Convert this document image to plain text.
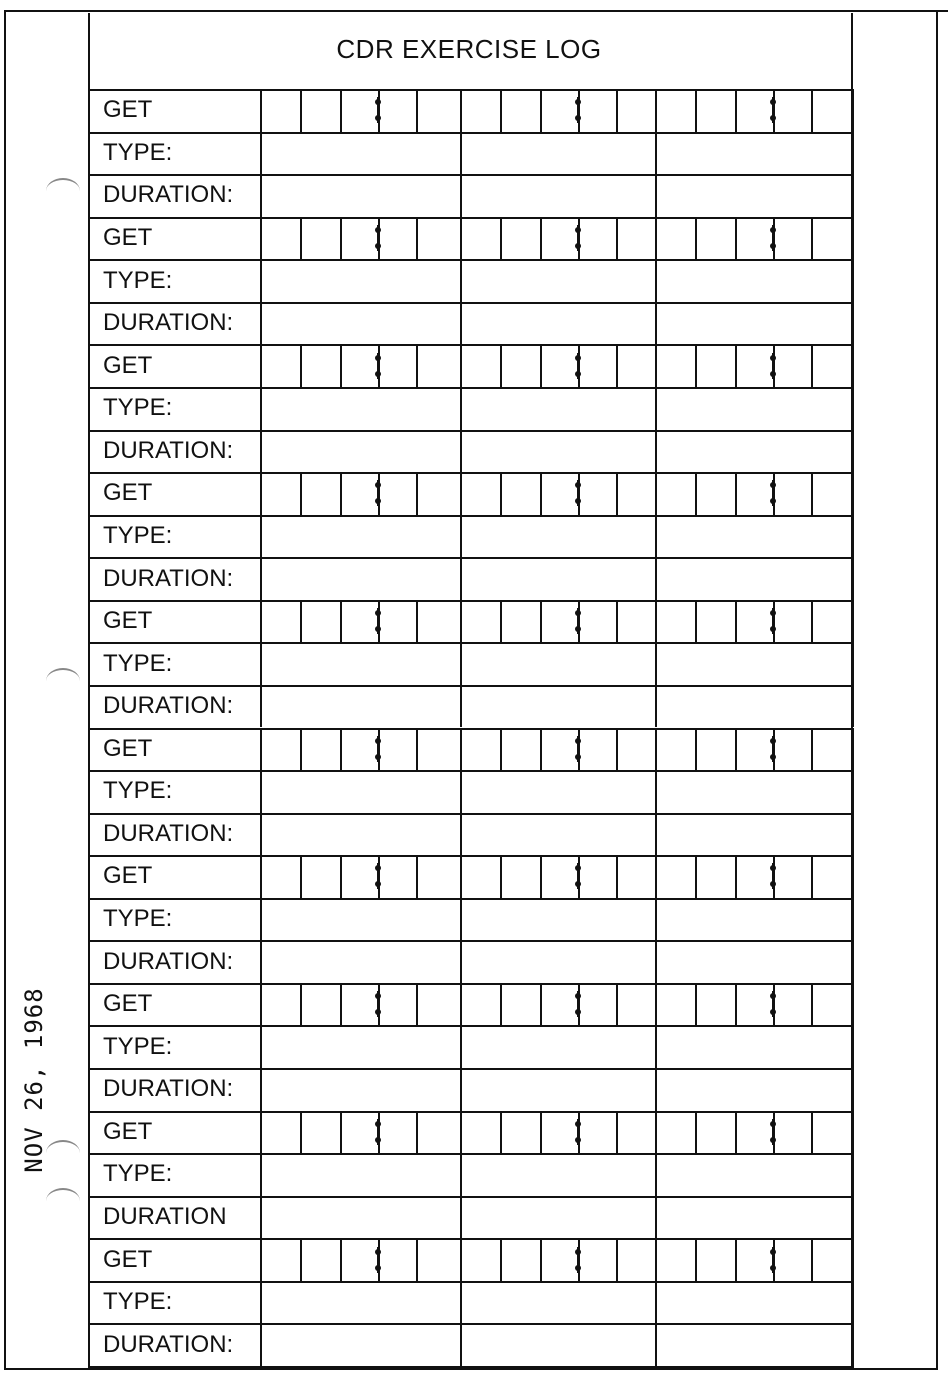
CDR EXERCISE LOG
NOV 26, 1968
GET
TYPE:
DURATION:
GET
TYPE:
DURATION:
GET
TYPE:
DURATION:
GET
TYPE:
DURATION:
GET
TYPE:
DURATION:
GET
TYPE:
DURATION:
GET
TYPE:
DURATION:
GET
TYPE:
DURATION:
GET
TYPE:
DURATION
GET
TYPE:
DURATION:
